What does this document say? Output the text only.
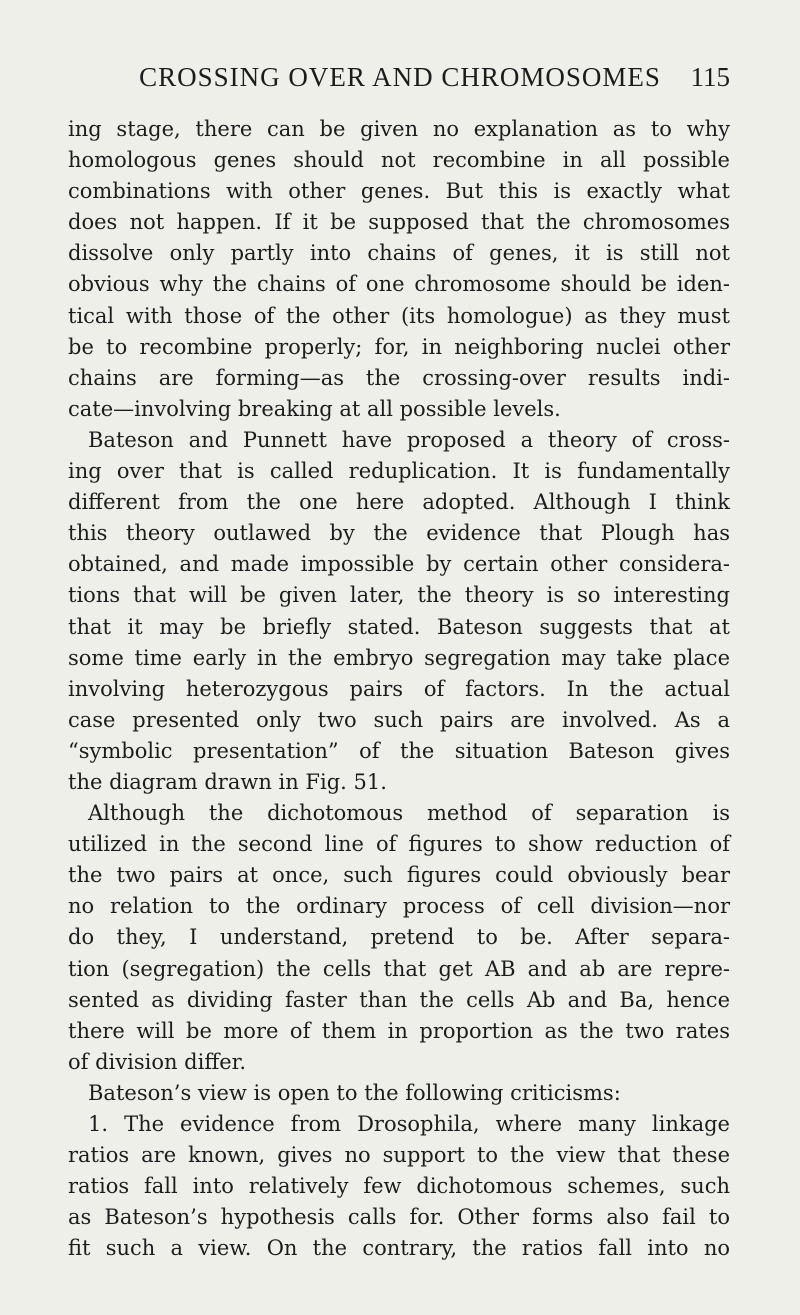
CROSSING OVER AND CHROMOSOMES	115
ing stage, there can be given no explanation as to why
homologous genes should not recombine in all possible
combinations with other genes. But this is exactly what
does not happen. If it be supposed that the chromosomes
dissolve only partly into chains of genes, it is still not
obvious why the chains of one chromosome should be iden-
tical with those of the other (its homologue) as they must
be to recombine properly; for, in neighboring nuclei other
chains are forming—as the crossing-over results indi-
cate—involving breaking at all possible levels.
Bateson and Punnett have proposed a theory of cross-
ing over that is called reduplication. It is fundamentally
different from the one here adopted. Although I think
this theory outlawed by the evidence that Plough has
obtained, and made impossible by certain other considera-
tions that will be given later, the theory is so interesting
that it may be briefly stated. Bateson suggests that at
some time early in the embryo segregation may take place
involving heterozygous pairs of factors. In the actual
case presented only two such pairs are involved. As a
“symbolic presentation” of the situation Bateson gives
the diagram drawn in Fig. 51.
Although the dichotomous method of separation is
utilized in the second line of figures to show reduction of
the two pairs at once, such figures could obviously bear
no relation to the ordinary process of cell division—nor
do they, I understand, pretend to be. After separa-
tion (segregation) the cells that get AB and ab are repre-
sented as dividing faster than the cells Ab and Ba, hence
there will be more of them in proportion as the two rates
of division differ.
Bateson’s view is open to the following criticisms:
1. The evidence from Drosophila, where many linkage
ratios are known, gives no support to the view that these
ratios fall into relatively few dichotomous schemes, such
as Bateson’s hypothesis calls for. Other forms also fail to
fit such a view. On the contrary, the ratios fall into no
